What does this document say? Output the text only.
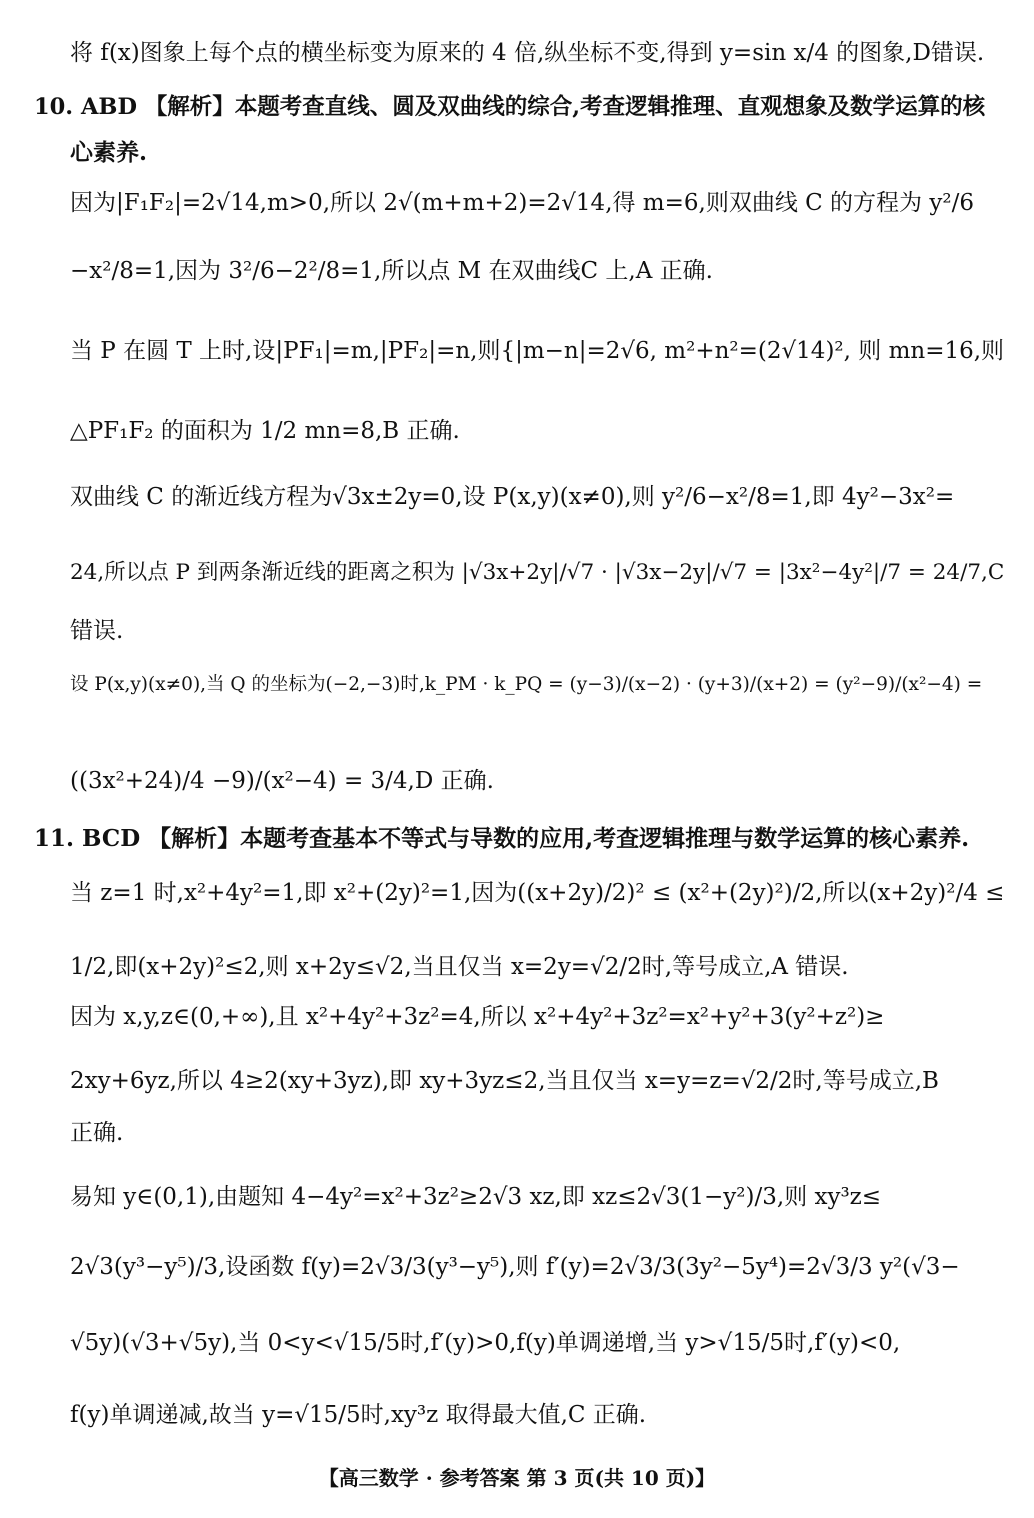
将 f(x)图象上每个点的横坐标变为原来的 4 倍,纵坐标不变,得到 y=sin x/4 的图象,D错误.
10. ABD 【解析】本题考查直线、圆及双曲线的综合,考查逻辑推理、直观想象及数学运算的核
心素养.
因为|F₁F₂|=2√14,m>0,所以 2√(m+m+2)=2√14,得 m=6,则双曲线 C 的方程为 y²/6
−x²/8=1,因为 3²/6−2²/8=1,所以点 M 在双曲线C 上,A 正确.
当 P 在圆 T 上时,设|PF₁|=m,|PF₂|=n,则{|m−n|=2√6, m²+n²=(2√14)², 则 mn=16,则
△PF₁F₂ 的面积为 1/2 mn=8,B 正确.
双曲线 C 的渐近线方程为√3x±2y=0,设 P(x,y)(x≠0),则 y²/6−x²/8=1,即 4y²−3x²=
24,所以点 P 到两条渐近线的距离之积为 |√3x+2y|/√7 · |√3x−2y|/√7 = |3x²−4y²|/7 = 24/7,C
错误.
设 P(x,y)(x≠0),当 Q 的坐标为(−2,−3)时,k_PM · k_PQ = (y−3)/(x−2) · (y+3)/(x+2) = (y²−9)/(x²−4) =
((3x²+24)/4 −9)/(x²−4) = 3/4,D 正确.
11. BCD 【解析】本题考查基本不等式与导数的应用,考查逻辑推理与数学运算的核心素养.
当 z=1 时,x²+4y²=1,即 x²+(2y)²=1,因为((x+2y)/2)² ≤ (x²+(2y)²)/2,所以(x+2y)²/4 ≤
1/2,即(x+2y)²≤2,则 x+2y≤√2,当且仅当 x=2y=√2/2时,等号成立,A 错误.
因为 x,y,z∈(0,+∞),且 x²+4y²+3z²=4,所以 x²+4y²+3z²=x²+y²+3(y²+z²)≥
2xy+6yz,所以 4≥2(xy+3yz),即 xy+3yz≤2,当且仅当 x=y=z=√2/2时,等号成立,B
正确.
易知 y∈(0,1),由题知 4−4y²=x²+3z²≥2√3 xz,即 xz≤2√3(1−y²)/3,则 xy³z≤
2√3(y³−y⁵)/3,设函数 f(y)=2√3/3(y³−y⁵),则 f′(y)=2√3/3(3y²−5y⁴)=2√3/3 y²(√3−
√5y)(√3+√5y),当 0<y<√15/5时,f′(y)>0,f(y)单调递增,当 y>√15/5时,f′(y)<0,
f(y)单调递减,故当 y=√15/5时,xy³z 取得最大值,C 正确.
【高三数学 · 参考答案 第 3 页(共 10 页)】
